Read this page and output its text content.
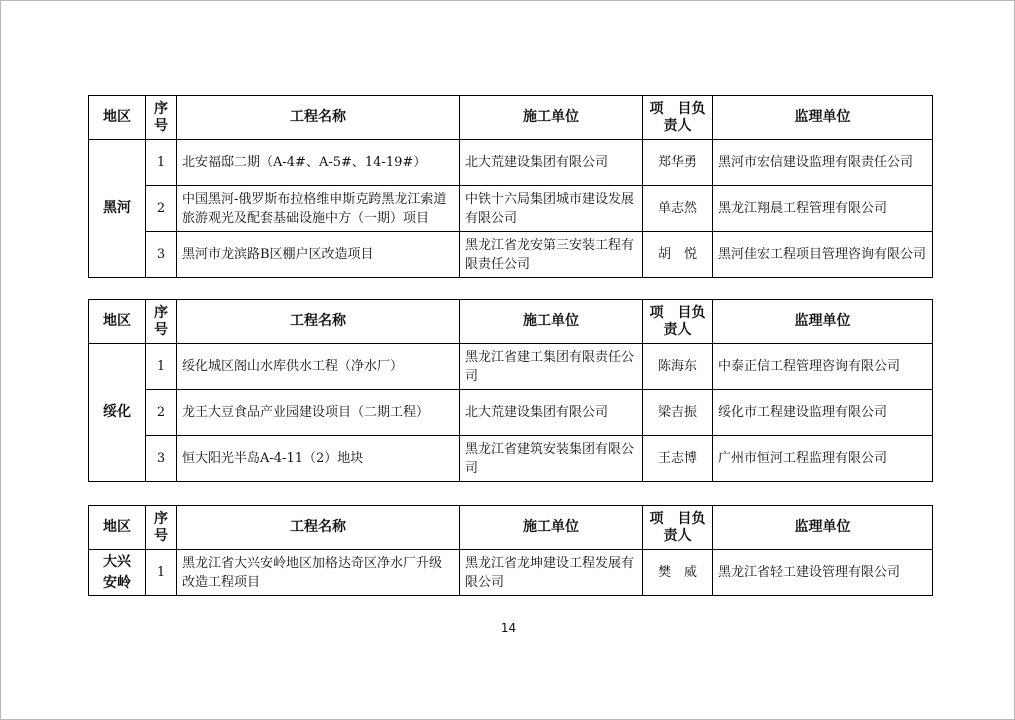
地区	序号	工程名称	施工单位	项　目负责人	监理单位
黑河	1	北安福邸二期（A-4#、A-5#、14-19#）	北大荒建设集团有限公司	郑华勇	黑河市宏信建设监理有限责任公司
	2	中国黑河-俄罗斯布拉格维申斯克跨黑龙江索道旅游观光及配套基础设施中方（一期）项目	中铁十六局集团城市建设发展有限公司	单志然	黑龙江翔晨工程管理有限公司
	3	黑河市龙滨路B区棚户区改造项目	黑龙江省龙安第三安装工程有限责任公司	胡　悦	黑河佳宏工程项目管理咨询有限公司
地区	序号	工程名称	施工单位	项　目负责人	监理单位
绥化	1	绥化城区阁山水库供水工程（净水厂）	黑龙江省建工集团有限责任公司	陈海东	中泰正信工程管理咨询有限公司
	2	龙王大豆食品产业园建设项目（二期工程）	北大荒建设集团有限公司	梁吉振	绥化市工程建设监理有限公司
	3	恒大阳光半岛A-4-11（2）地块	黑龙江省建筑安装集团有限公司	王志博	广州市恒河工程监理有限公司
地区	序号	工程名称	施工单位	项　目负责人	监理单位
大兴安岭	1	黑龙江省大兴安岭地区加格达奇区净水厂升级改造工程项目	黑龙江省龙坤建设工程发展有限公司	樊　威	黑龙江省轻工建设管理有限公司
14
